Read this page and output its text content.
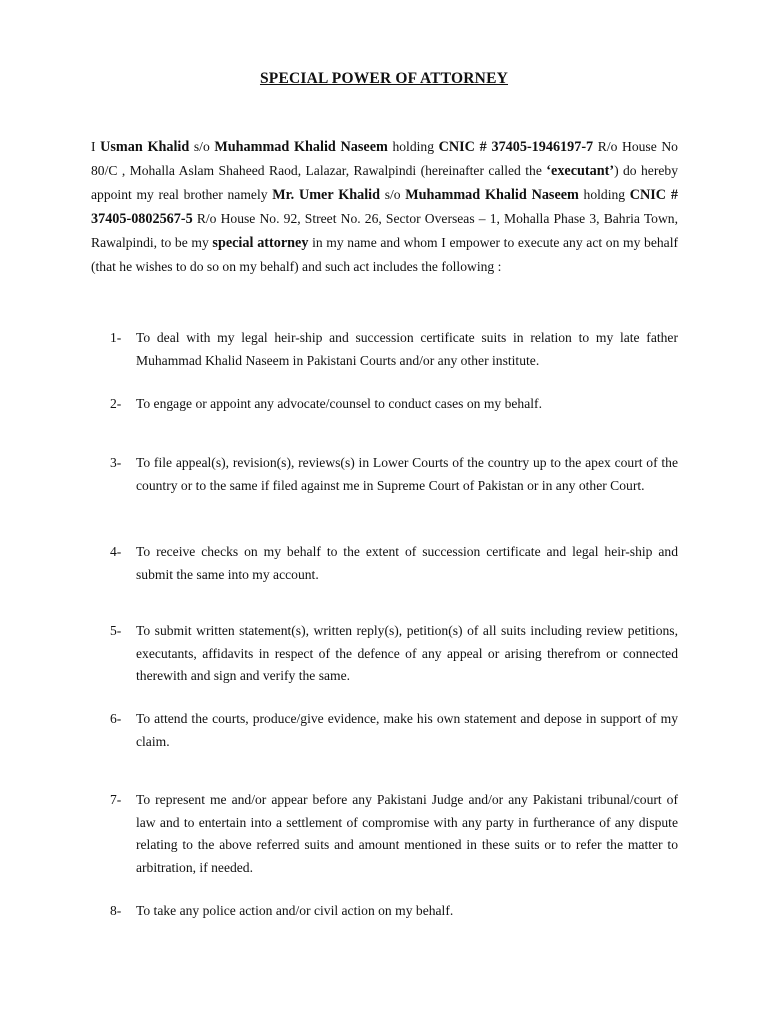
SPECIAL POWER OF ATTORNEY

I Usman Khalid s/o Muhammad Khalid Naseem holding CNIC # 37405-1946197-7 R/o House No 80/C , Mohalla Aslam Shaheed Raod, Lalazar, Rawalpindi (hereinafter called the ‘executant’) do hereby appoint my real brother namely Mr. Umer Khalid s/o Muhammad Khalid Naseem holding CNIC # 37405-0802567-5 R/o House No. 92, Street No. 26, Sector Overseas – 1, Mohalla Phase 3, Bahria Town, Rawalpindi, to be my special attorney in my name and whom I empower to execute any act on my behalf (that he wishes to do so on my behalf) and such act includes the following :

1-	To deal with my legal heir-ship and succession certificate suits in relation to my late father Muhammad Khalid Naseem in Pakistani Courts and/or any other institute.
2-	To engage or appoint any advocate/counsel to conduct cases on my behalf.
3-	To file appeal(s), revision(s), reviews(s) in Lower Courts of the country up to the apex court of the country or to the same if filed against me in Supreme Court of Pakistan or in any other Court.
4-	To receive checks on my behalf to the extent of succession certificate and legal heir-ship and submit the same into my account.
5-	To submit written statement(s), written reply(s), petition(s) of all suits including review petitions, executants, affidavits in respect of the defence of any appeal or arising therefrom or connected therewith and sign and verify the same.
6-	To attend the courts, produce/give evidence, make his own statement and depose in support of my claim.
7-	To represent me and/or appear before any Pakistani Judge and/or any Pakistani tribunal/court of law and to entertain into a settlement of compromise with any party in furtherance of any dispute relating to the above referred suits and amount mentioned in these suits or to refer the matter to arbitration, if needed.
8-	To take any police action and/or civil action on my behalf.
